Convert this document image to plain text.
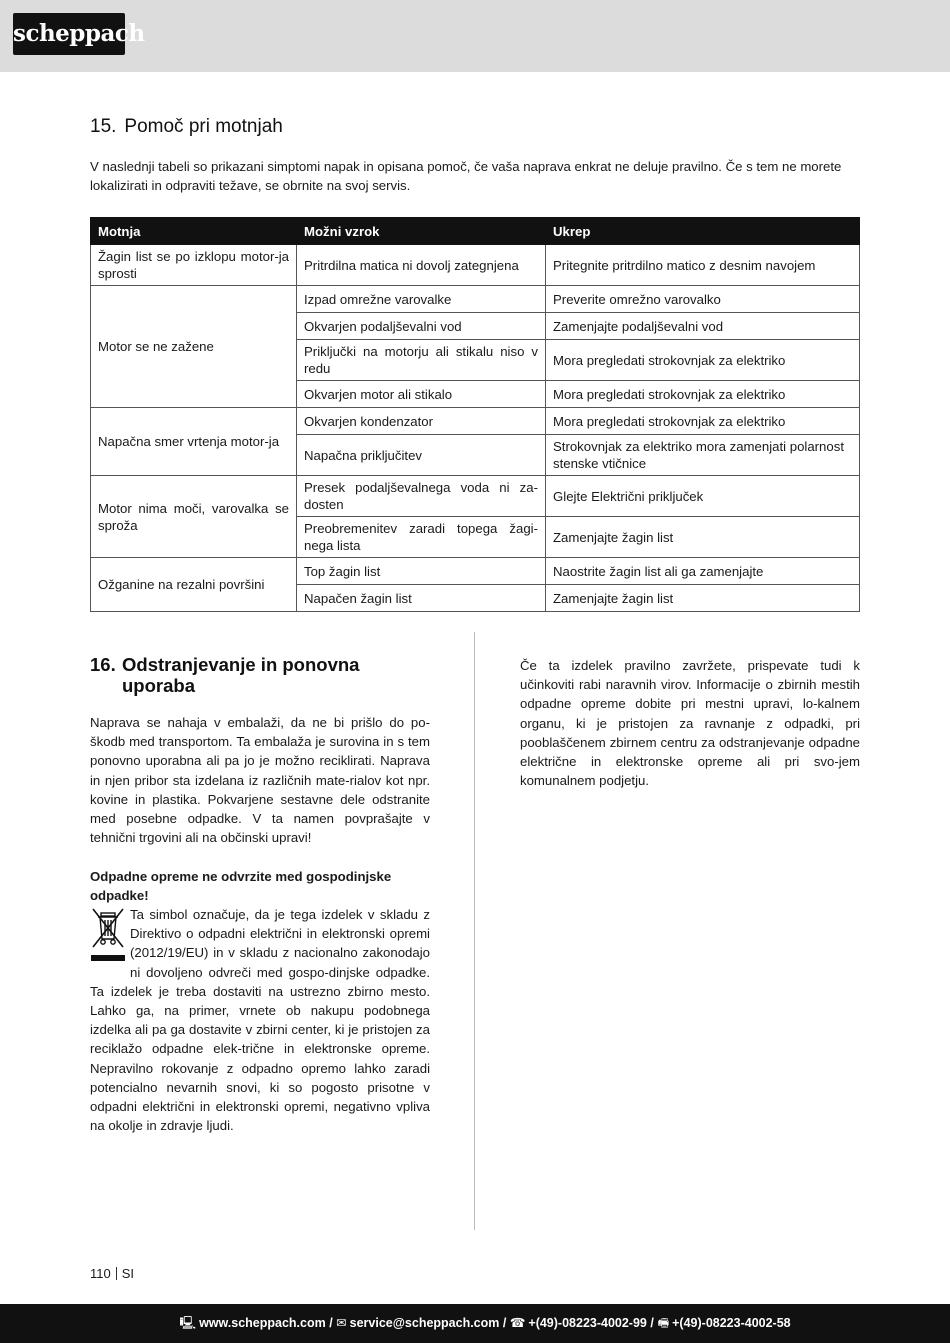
scheppach
15. Pomoč pri motnjah

V naslednji tabeli so prikazani simptomi napak in opisana pomoč, če vaša naprava enkrat ne deluje pravilno. Če s tem ne morete lokalizirati in odpraviti težave, se obrnite na svoj servis.

Motnja	Možni vzrok	Ukrep
Žagin list se po izklopu motor-ja sprosti	Pritrdilna matica ni dovolj zategnjena	Pritegnite pritrdilno matico z desnim navojem
Motor se ne zažene	Izpad omrežne varovalke	Preverite omrežno varovalko
	Okvarjen podaljševalni vod	Zamenjajte podaljševalni vod
	Priključki na motorju ali stikalu niso v redu	Mora pregledati strokovnjak za elektriko
	Okvarjen motor ali stikalo	Mora pregledati strokovnjak za elektriko
Napačna smer vrtenja motor-ja	Okvarjen kondenzator	Mora pregledati strokovnjak za elektriko
	Napačna priključitev	Strokovnjak za elektriko mora zamenjati polarnost stenske vtičnice
Motor nima moči, varovalka se sproža	Presek podaljševalnega voda ni za-dosten	Glejte Električni priključek
	Preobremenitev zaradi topega žagi-nega lista	Zamenjajte žagin list
Ožganine na rezalni površini	Top žagin list	Naostrite žagin list ali ga zamenjajte
	Napačen žagin list	Zamenjajte žagin list
16. Odstranjevanje in ponovna uporaba

Naprava se nahaja v embalaži, da ne bi prišlo do po-škodb med transportom. Ta embalaža je surovina in s tem ponovno uporabna ali pa jo je možno reciklirati. Naprava in njen pribor sta izdelana iz različnih mate-rialov kot npr. kovine in plastika. Pokvarjene sestavne dele odstranite med posebne odpadke. V ta namen povprašajte v tehnični trgovini ali na občinski upravi!

Odpadne opreme ne odvrzite med gospodinjske odpadke!

Ta simbol označuje, da je tega izdelek v skladu z Direktivo o odpadni električni in elektronski opremi (2012/19/EU) in v skladu z nacionalno zakonodajo ni dovoljeno odvreči med gospo-dinjske odpadke. Ta izdelek je treba dostaviti na ustrezno zbirno mesto. Lahko ga, na primer, vrnete ob nakupu podobnega izdelka ali pa ga dostavite v zbirni center, ki je pristojen za reciklažo odpadne elek-trične in elektronske opreme. Nepravilno rokovanje z odpadno opremo lahko zaradi potencialno nevarnih snovi, ki so pogosto prisotne v odpadni električni in elektronski opremi, negativno vpliva na okolje in zdravje ljudi.

Če ta izdelek pravilno zavržete, prispevate tudi k učinkoviti rabi naravnih virov. Informacije o zbirnih mestih odpadne opreme dobite pri mestni upravi, lo-kalnem organu, ki je pristojen za ravnanje z odpadki, pri pooblaščenem zbirnem centru za odstranjevanje odpadne električne in elektronske opreme ali pri svo-jem komunalnem podjetju.

110 SI
🖳 www.scheppach.com / ✉ service@scheppach.com / ☎ +(49)-08223-4002-99 / 🖷 +(49)-08223-4002-58
